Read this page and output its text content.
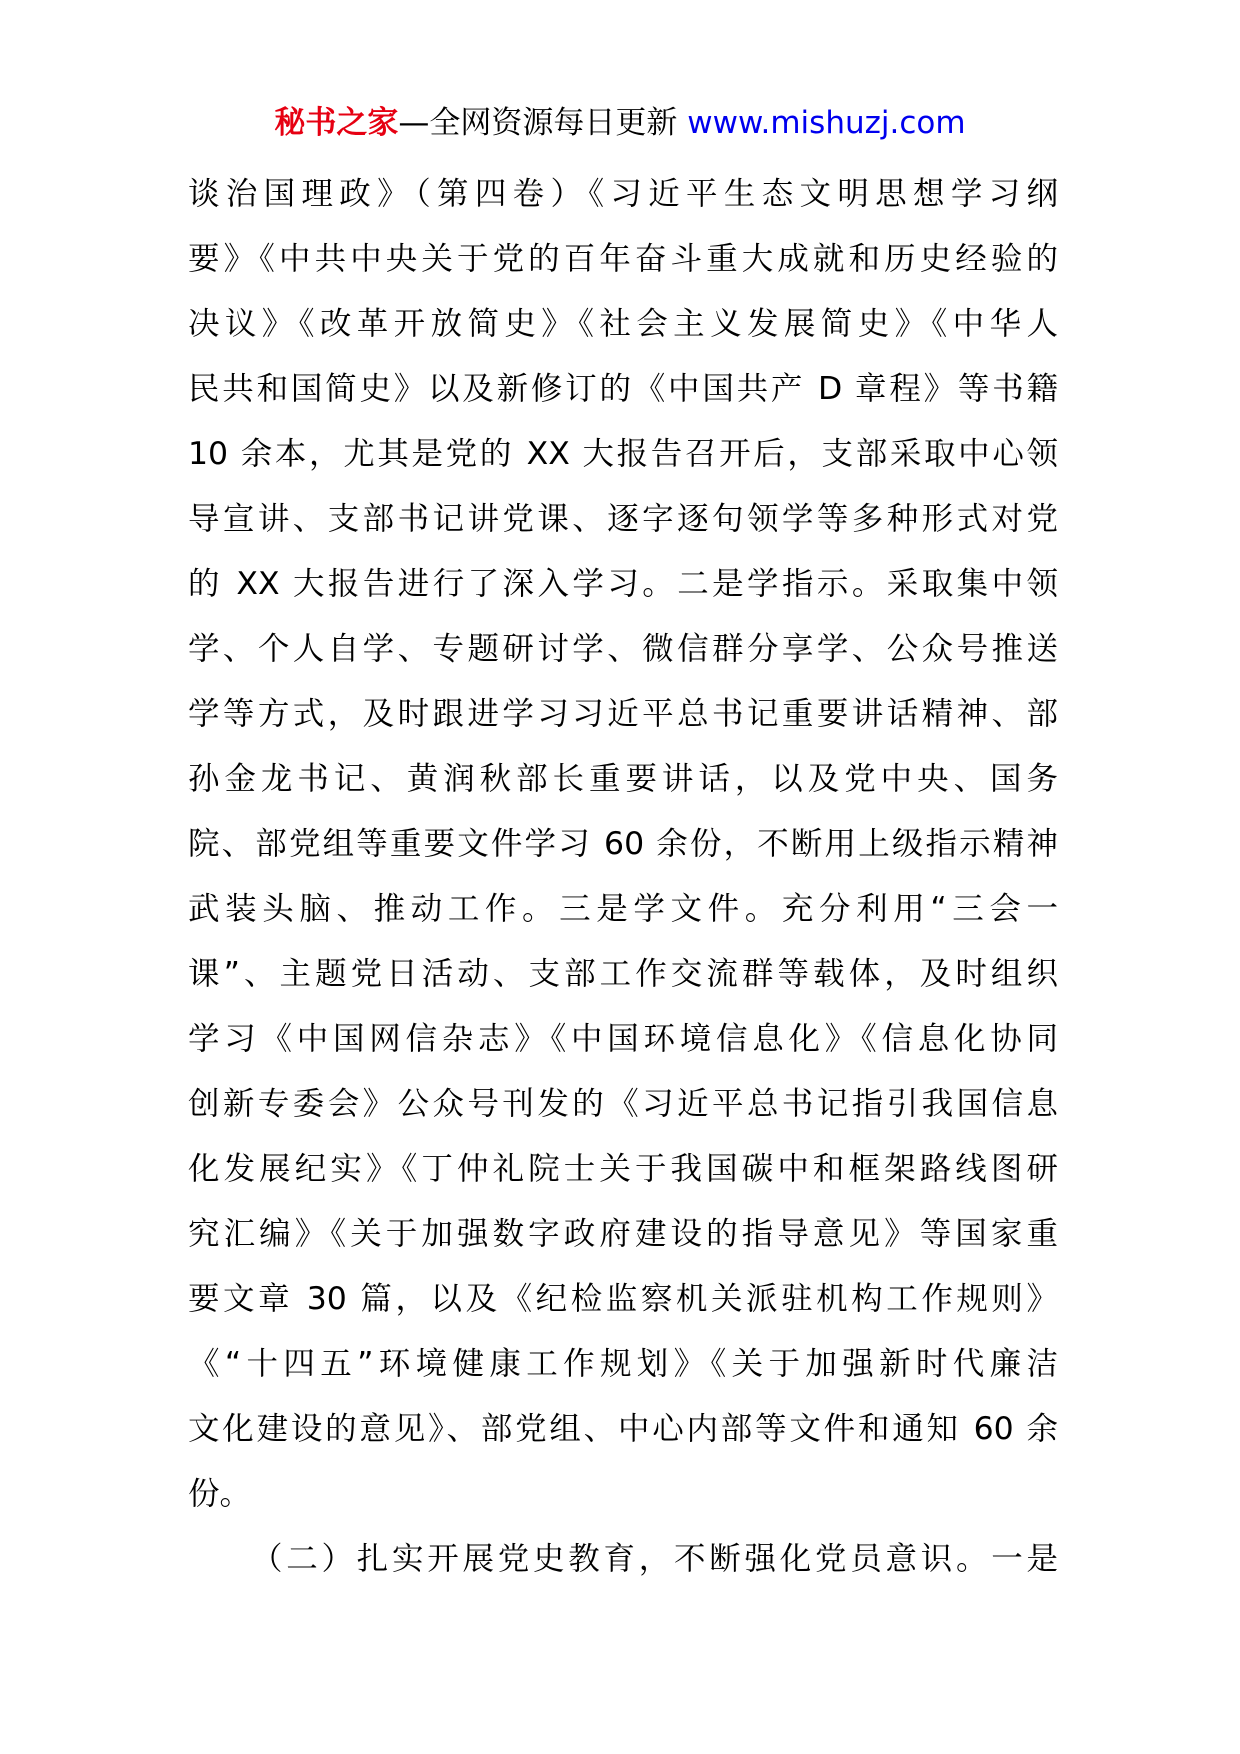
秘书之家—全网资源每日更新 www.mishuzj.com
谈治国理政》（第四卷）《习近平生态文明思想学习纲
要》《中共中央关于党的百年奋斗重大成就和历史经验的
决议》《改革开放简史》《社会主义发展简史》《中华人
民共和国简史》以及新修订的《中国共产 D 章程》等书籍
10 余本，尤其是党的 XX 大报告召开后，支部采取中心领
导宣讲、支部书记讲党课、逐字逐句领学等多种形式对党
的 XX 大报告进行了深入学习。二是学指示。采取集中领
学、个人自学、专题研讨学、微信群分享学、公众号推送
学等方式，及时跟进学习习近平总书记重要讲话精神、部
孙金龙书记、黄润秋部长重要讲话，以及党中央、国务
院、部党组等重要文件学习 60 余份，不断用上级指示精神
武装头脑、推动工作。三是学文件。充分利用“三会一
课”、主题党日活动、支部工作交流群等载体，及时组织
学习《中国网信杂志》《中国环境信息化》《信息化协同
创新专委会》公众号刊发的《习近平总书记指引我国信息
化发展纪实》《丁仲礼院士关于我国碳中和框架路线图研
究汇编》《关于加强数字政府建设的指导意见》等国家重
要文章 30 篇，以及《纪检监察机关派驻机构工作规则》
《“十四五”环境健康工作规划》《关于加强新时代廉洁
文化建设的意见》、部党组、中心内部等文件和通知 60 余
份。
（二）扎实开展党史教育，不断强化党员意识。一是
